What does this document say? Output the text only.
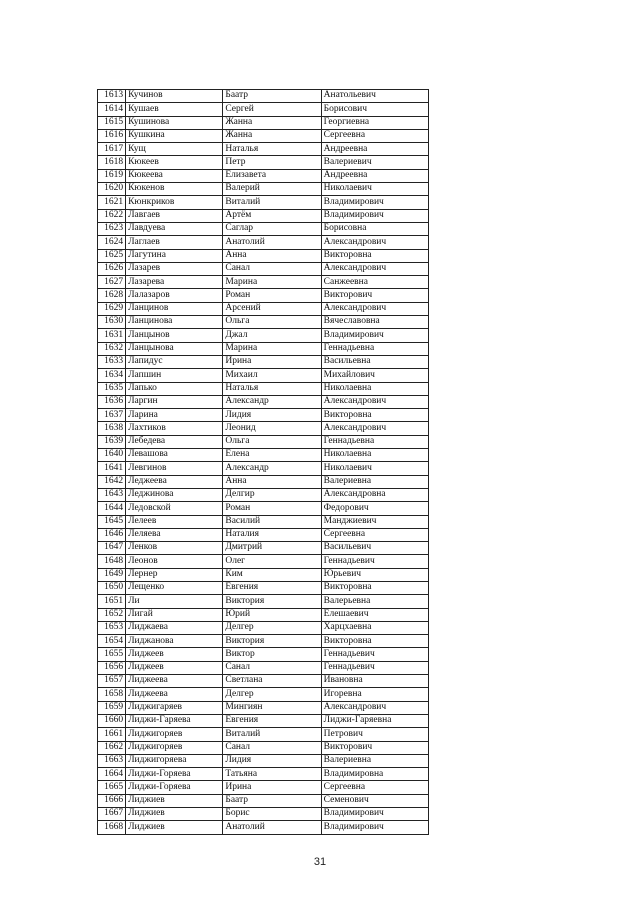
1613	Кучинов	Баатр	Анатольевич
1614	Кушаев	Сергей	Борисович
1615	Кушинова	Жанна	Георгиевна
1616	Кушкина	Жанна	Сергеевна
1617	Кущ	Наталья	Андреевна
1618	Кюкеев	Петр	Валериевич
1619	Кюкеева	Елизавета	Андреевна
1620	Кюкенов	Валерий	Николаевич
1621	Кюнкриков	Виталий	Владимирович
1622	Лавгаев	Артём	Владимирович
1623	Лавдуева	Саглар	Борисовна
1624	Лаглаев	Анатолий	Александрович
1625	Лагутина	Анна	Викторовна
1626	Лазарев	Санал	Александрович
1627	Лазарева	Марина	Санжеевна
1628	Лалазаров	Роман	Викторович
1629	Ланцинов	Арсений	Александрович
1630	Ланцинова	Ольга	Вячеславовна
1631	Ланцынов	Джал	Владимирович
1632	Ланцынова	Марина	Геннадьевна
1633	Лапидус	Ирина	Васильевна
1634	Лапшин	Михаил	Михайлович
1635	Лапько	Наталья	Николаевна
1636	Ларгин	Александр	Александрович
1637	Ларина	Лидия	Викторовна
1638	Лахтиков	Леонид	Александрович
1639	Лебедева	Ольга	Геннадьевна
1640	Левашова	Елена	Николаевна
1641	Левгинов	Александр	Николаевич
1642	Леджеева	Анна	Валериевна
1643	Леджинова	Делгир	Александровна
1644	Ледовской	Роман	Федорович
1645	Лелеев	Василий	Манджиевич
1646	Леляева	Наталия	Сергеевна
1647	Ленков	Дмитрий	Васильевич
1648	Леонов	Олег	Геннадьевич
1649	Лернер	Ким	Юрьевич
1650	Лещенко	Евгения	Викторовна
1651	Ли	Виктория	Валерьевна
1652	Лигай	Юрий	Елешаевич
1653	Лиджаева	Делгер	Харцхаевна
1654	Лиджанова	Виктория	Викторовна
1655	Лиджеев	Виктор	Геннадьевич
1656	Лиджеев	Санал	Геннадьевич
1657	Лиджеева	Светлана	Ивановна
1658	Лиджеева	Делгер	Игоревна
1659	Лиджигаряев	Мингиян	Александрович
1660	Лиджи-Гаряева	Евгения	Лиджи-Гаряевна
1661	Лиджигоряев	Виталий	Петрович
1662	Лиджигоряев	Санал	Викторович
1663	Лиджигоряева	Лидия	Валериевна
1664	Лиджи-Горяева	Татьяна	Владимировна
1665	Лиджи-Горяева	Ирина	Сергеевна
1666	Лиджиев	Баатр	Семенович
1667	Лиджиев	Борис	Владимирович
1668	Лиджиев	Анатолий	Владимирович
31
